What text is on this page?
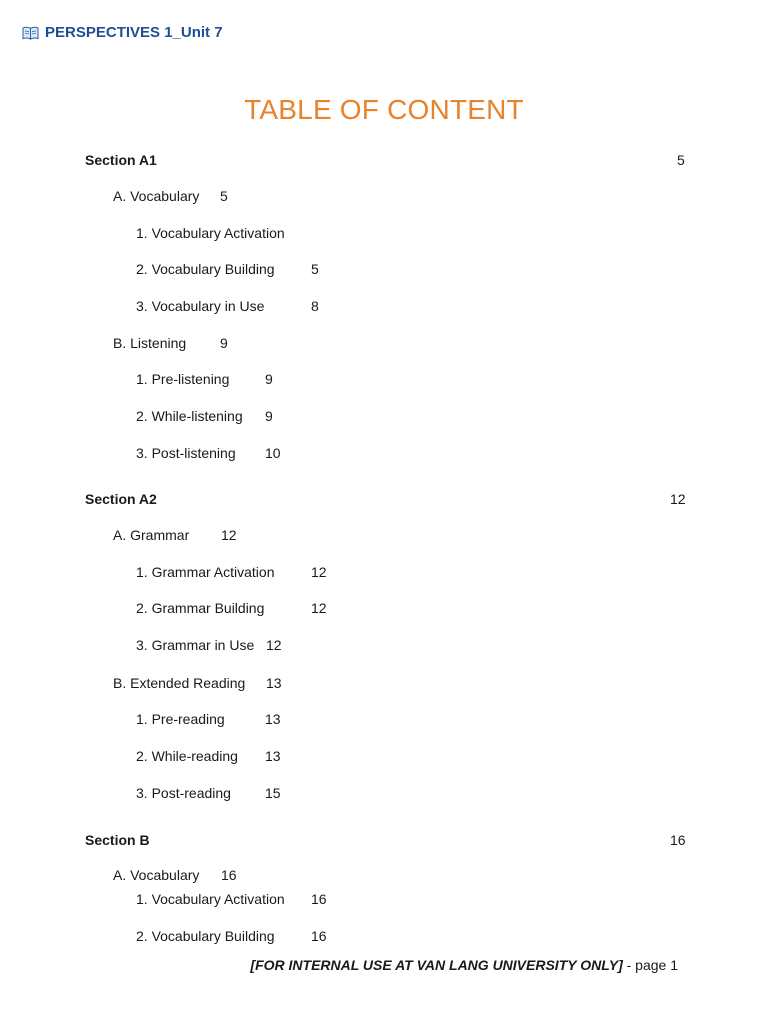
PERSPECTIVES 1_Unit 7
TABLE OF CONTENT
Section A1	5
A. Vocabulary 5
1. Vocabulary Activation
2. Vocabulary Building	5
3. Vocabulary in Use	8
B. Listening 9
1. Pre-listening	9
2. While-listening 9
3. Post-listening 10
Section A2	12
A. Grammar 12
1. Grammar Activation	12
2. Grammar Building	12
3. Grammar in Use 12
B. Extended Reading 13
1. Pre-reading	13
2. While-reading 13
3. Post-reading 15
Section B	16
A. Vocabulary 16
1. Vocabulary Activation 16
2. Vocabulary Building	16
[FOR INTERNAL USE AT VAN LANG UNIVERSITY ONLY] - page 1
